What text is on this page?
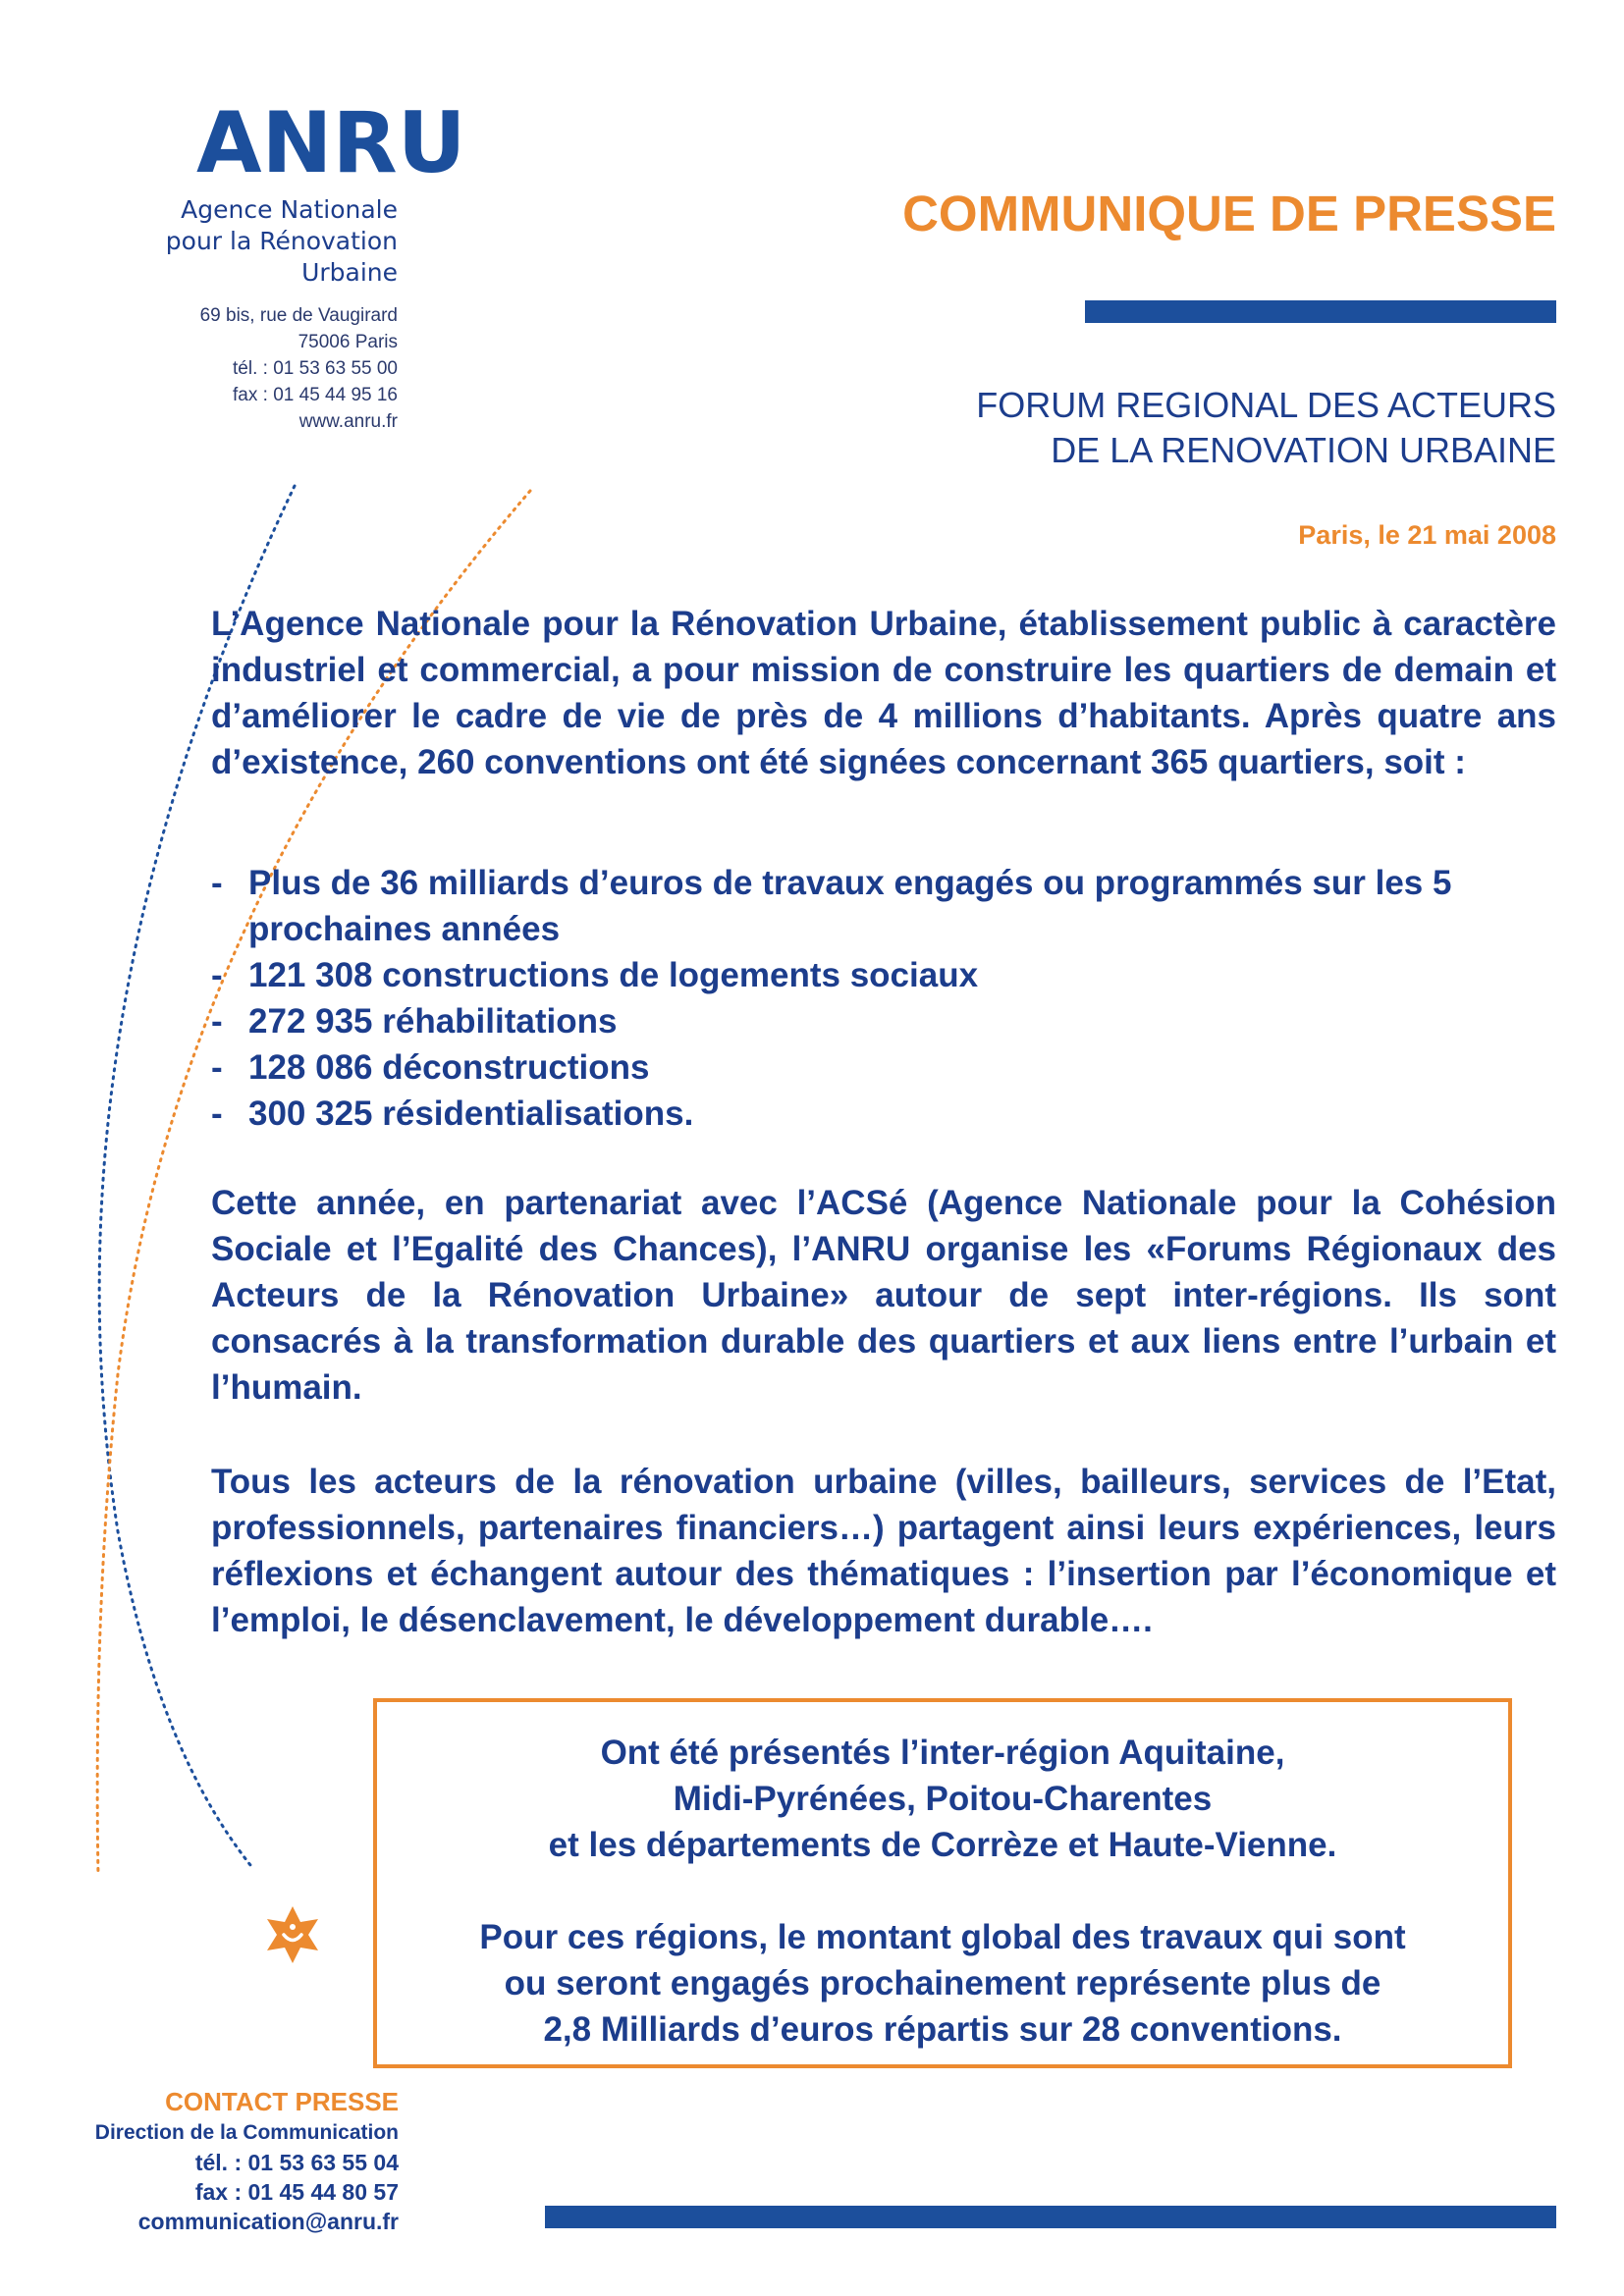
ANRU
Agence Nationale
pour la Rénovation
Urbaine
69 bis, rue de Vaugirard
75006 Paris
tél. : 01 53 63 55 00
fax : 01 45 44 95 16
www.anru.fr
COMMUNIQUE DE PRESSE
FORUM REGIONAL DES ACTEURS
DE LA RENOVATION URBAINE
Paris, le 21 mai 2008
L’Agence Nationale pour la Rénovation Urbaine, établissement public à caractère industriel et commercial, a pour mission de construire les quartiers de demain et d’améliorer le cadre de vie de près de 4 millions d’habitants. Après quatre ans d’existence, 260 conventions ont été signées concernant 365 quartiers, soit :
- Plus de 36 milliards d’euros de travaux engagés ou programmés sur les 5 prochaines années
- 121 308 constructions de logements sociaux
- 272 935 réhabilitations
- 128 086 déconstructions
- 300 325 résidentialisations.
Cette année, en partenariat avec l’ACSé (Agence Nationale pour la Cohésion Sociale et l’Egalité des Chances), l’ANRU organise les «Forums Régionaux des Acteurs de la Rénovation Urbaine» autour de sept inter-régions. Ils sont consacrés à la transformation durable des quartiers et aux liens entre l’urbain et l’humain.
Tous les acteurs de la rénovation urbaine (villes, bailleurs, services de l’Etat, professionnels, partenaires financiers…) partagent ainsi leurs expériences, leurs réflexions et échangent autour des thématiques : l’insertion par l’économique et l’emploi, le désenclavement, le développement durable….
Ont été présentés l’inter-région Aquitaine,
Midi-Pyrénées, Poitou-Charentes
et les départements de Corrèze et Haute-Vienne.
Pour ces régions, le montant global des travaux qui sont
ou seront engagés prochainement représente plus de
2,8 Milliards d’euros répartis sur 28 conventions.
CONTACT PRESSE
Direction de la Communication
tél. : 01 53 63 55 04
fax : 01 45 44 80 57
communication@anru.fr
